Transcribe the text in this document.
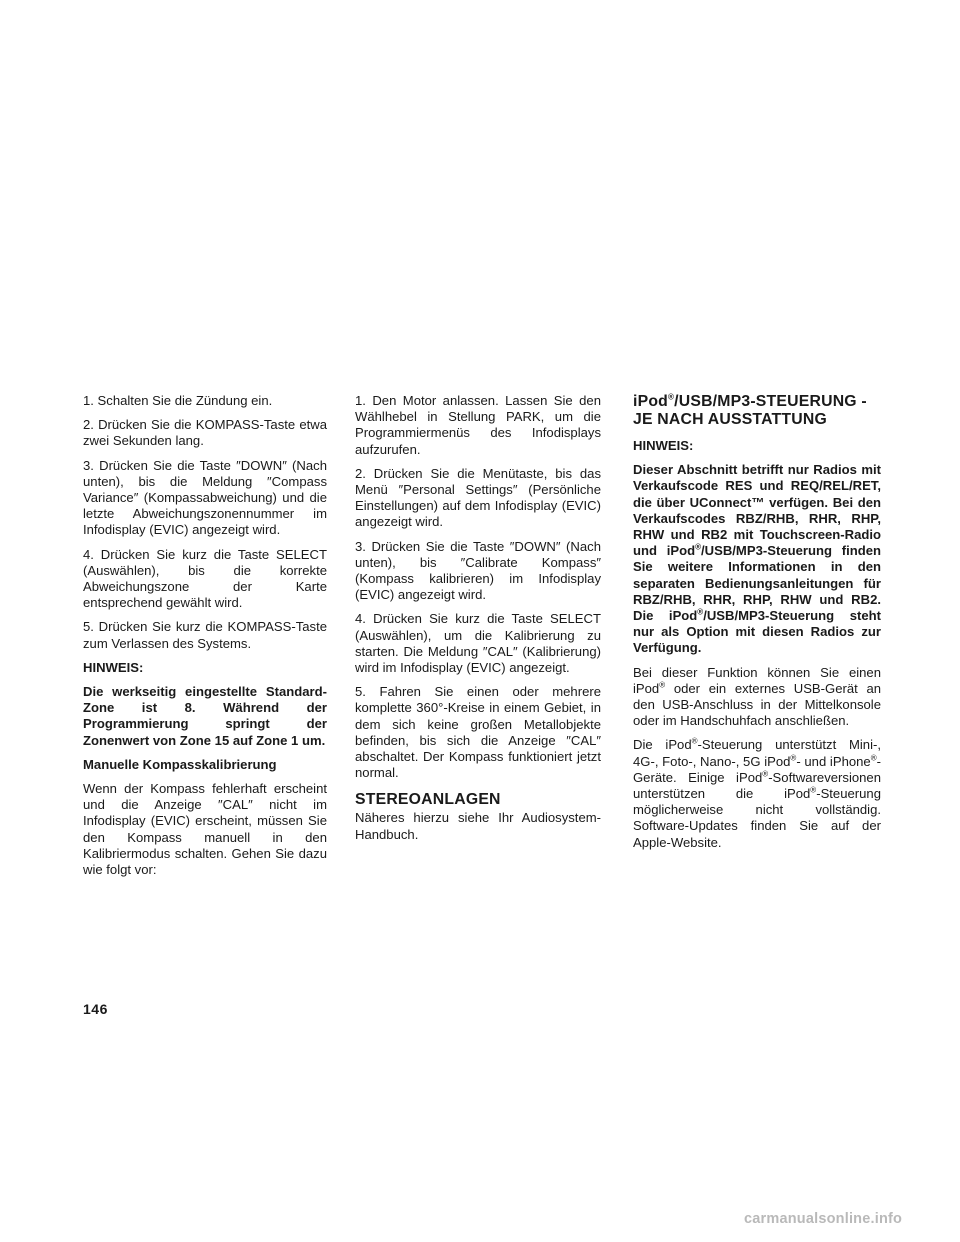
1. Schalten Sie die Zündung ein.

2. Drücken Sie die KOMPASS-Taste etwa zwei Sekunden lang.

3. Drücken Sie die Taste ″DOWN″ (Nach unten), bis die Meldung ″Compass Variance″ (Kompassabweichung) und die letzte Abweichungszonennummer im Infodisplay (EVIC) angezeigt wird.

4. Drücken Sie kurz die Taste SELECT (Auswählen), bis die korrekte Abweichungszone der Karte entsprechend gewählt wird.

5. Drücken Sie kurz die KOMPASS-Taste zum Verlassen des Systems.

HINWEIS:

Die werkseitig eingestellte Standard-Zone ist 8. Während der Programmierung springt der Zonenwert von Zone 15 auf Zone 1 um.

Manuelle Kompasskalibrierung

Wenn der Kompass fehlerhaft erscheint und die Anzeige ″CAL″ nicht im Infodisplay (EVIC) erscheint, müssen Sie den Kompass manuell in den Kalibriermodus schalten. Gehen Sie dazu wie folgt vor:

1. Den Motor anlassen. Lassen Sie den Wählhebel in Stellung PARK, um die Programmiermenüs des Infodisplays aufzurufen.

2. Drücken Sie die Menütaste, bis das Menü ″Personal Settings″ (Persönliche Einstellungen) auf dem Infodisplay (EVIC) angezeigt wird.

3. Drücken Sie die Taste ″DOWN″ (Nach unten), bis ″Calibrate Kompass″ (Kompass kalibrieren) im Infodisplay (EVIC) angezeigt wird.

4. Drücken Sie kurz die Taste SELECT (Auswählen), um die Kalibrierung zu starten. Die Meldung ″CAL″ (Kalibrierung) wird im Infodisplay (EVIC) angezeigt.

5. Fahren Sie einen oder mehrere komplette 360°-Kreise in einem Gebiet, in dem sich keine großen Metallobjekte befinden, bis sich die Anzeige ″CAL″ abschaltet. Der Kompass funktioniert jetzt normal.

STEREOANLAGEN

Näheres hierzu siehe Ihr Audiosystem-Handbuch.

iPod®/USB/MP3-STEUERUNG - JE NACH AUSSTATTUNG

HINWEIS:

Dieser Abschnitt betrifft nur Radios mit Verkaufscode RES und REQ/REL/RET, die über UConnect™ verfügen. Bei den Verkaufscodes RBZ/RHB, RHR, RHP, RHW und RB2 mit Touchscreen-Radio und iPod®/USB/MP3-Steuerung finden Sie weitere Informationen in den separaten Bedienungsanleitungen für RBZ/RHB, RHR, RHP, RHW und RB2. Die iPod®/USB/MP3-Steuerung steht nur als Option mit diesen Radios zur Verfügung.

Bei dieser Funktion können Sie einen iPod® oder ein externes USB-Gerät an den USB-Anschluss in der Mittelkonsole oder im Handschuhfach anschließen.

Die iPod®-Steuerung unterstützt Mini-, 4G-, Foto-, Nano-, 5G iPod®- und iPhone®-Geräte. Einige iPod®-Softwareversionen unterstützen die iPod®-Steuerung möglicherweise nicht vollständig. Software-Updates finden Sie auf der Apple-Website.

146
carmanualsonline.info
